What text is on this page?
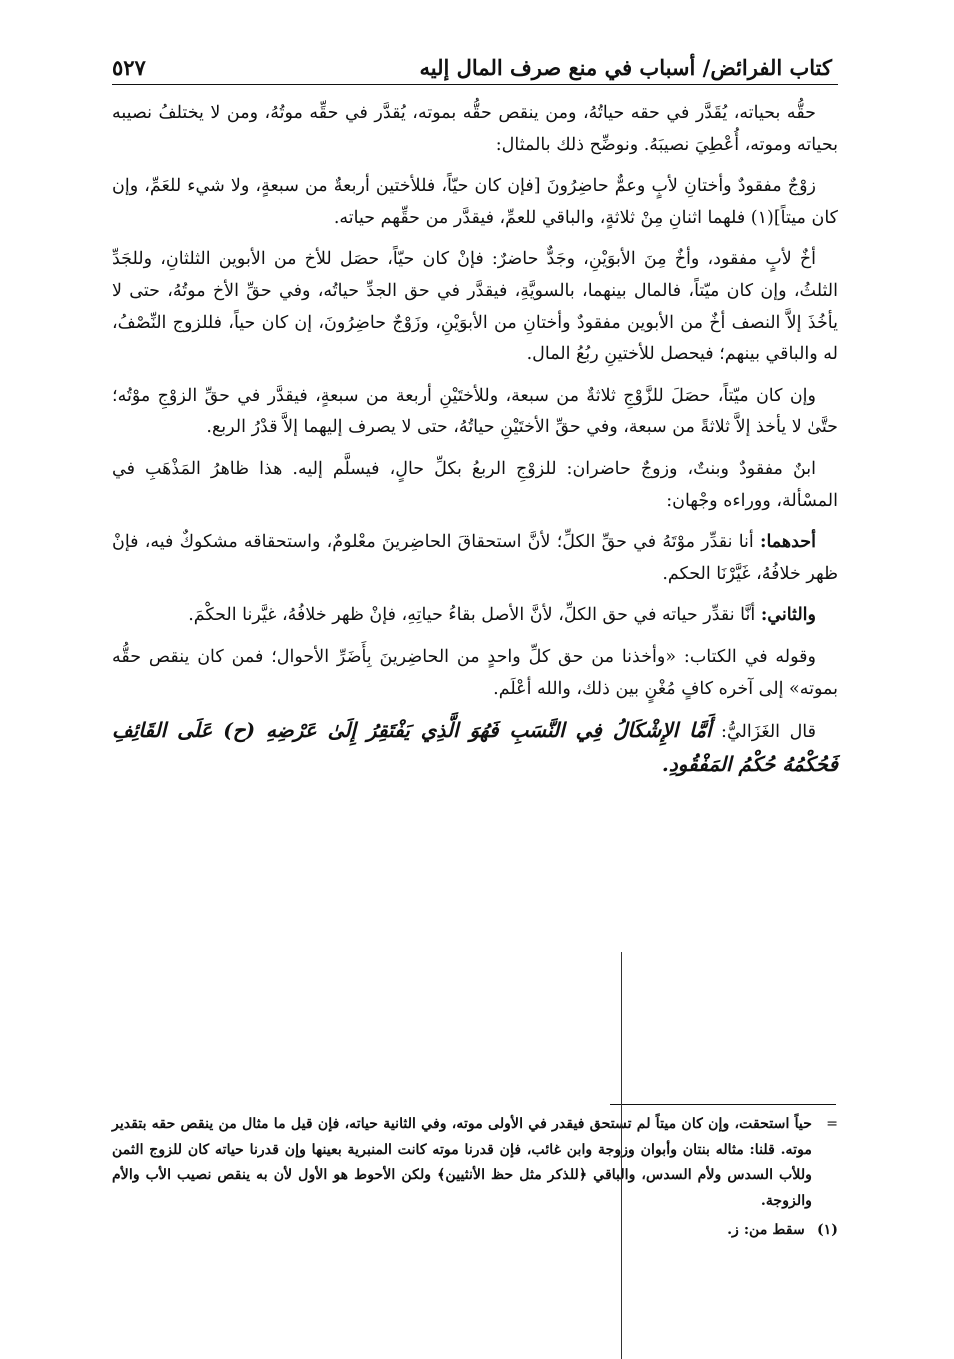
كتاب الفرائض/ أسباب في منع صرف المال إليه
٥٢٧

حقُّه بحياته، يُقَدَّر في حقه حياتُهُ، ومن ينقص حقُّه بموته، يُقدَّر في حقِّه موتُهُ، ومن لا يختلفُ نصيبه بحياته وموته، أُعْطِيَ نصيبَهُ. ونوضِّح ذلك بالمثال:

زوْجٌ مفقودٌ وأختانِ لأبٍ وعمٌّ حاضِرُونَ [فإن كان حيّاً، فللأختين أربعةٌ من سبعةٍ، ولا شيء للعَمِّ، وإن كان ميتاً](١) فلهما اثنانِ مِنْ ثلاثةٍ، والباقي للعمِّ، فيقدَّر من حقِّهم حياته.

أخٌ لأبٍ مفقود، وأخٌ مِنَ الأبوَيْنِ، وجَدٌّ حاضرٌ: فإنْ كان حيّاً، حصَل للأخ من الأبوين الثلثانِ، وللجَدِّ الثلثُ، وإن كان ميّتاً، فالمال بينهما، بالسويَّةِ، فيقدَّر في حق الجدِّ حياتُه، وفي حقِّ الأخ موتُهُ، حتى لا يأخُذَ إلاَّ النصف أخٌ من الأبوين مفقودٌ وأختانِ من الأبوَيْنِ، وزَوْجٌ حاضِرُونَ، إن كان حياً، فللزوج النِّصْفُ، له والباقي بينهم؛ فيحصل للأختينِ ربُعُ المال.

وإن كان ميّتاً، حصَلَ للزَّوْجِ ثلاثةٌ من سبعة، وللأختَيْنِ أربعة من سبعةٍ، فيقدَّر في حقِّ الزوْجِ موْتُه؛ حتَّىٰ لا يأخذ إلاَّ ثلاثةً من سبعة، وفي حقِّ الأختَيْنِ حياتُهُ، حتى لا يصرف إليهما إلاَّ قدْرُ الربع.

ابنٌ مفقودٌ وبنتٌ، وزوجٌ حاضران: للزوْجِ الربعُ بكلِّ حالٍ، فيسلَّم إليه. هذا ظاهرُ المَذْهَبِ في المسْألة، ووراءه وجْهان:

أحدهما: أنا نقدِّر موْتَهُ في حقِّ الكلِّ؛ لأنَّ استحقاقَ الحاضِرينَ معْلومٌ، واستحقاقه مشكوكٌ فيه، فإنْ ظهر خلافُهُ، غَيَّرْنَا الحكم.

والثاني: أنَّا نقدِّر حياته في حق الكلِّ، لأنَّ الأصل بقاءُ حياتِهِ، فإنْ ظهر خلافُهُ، غيَّرنا الحكْمَ.

وقوله في الكتاب: «وأخذنا من حق كلِّ واحدٍ من الحاضِرينَ بِأَضَرِّ الأحوال؛ فمن كان ينقص حقُّه بموته» إلى آخره كافٍ مُغْنٍ بين ذلك، والله أعْلَم.

قال الغَزَاليُّ: أَمَّا الإِشْكَالُ فِي النَّسَبِ فَهُوَ الَّذِي يَفْتَقِرُ إِلَىٰ عَرْضِهِ (ح) عَلَى القَائِفِ فَحُكْمُهُ حُكْمُ المَفْقُودِ.

=
حياً استحقت، وإن كان ميتاً لم تستحق فيقدر في الأولى موته، وفي الثانية حياته، فإن قيل ما مثال من ينقص حقه بتقدير موته. قلنا: مثاله بنتان وأبوان وزوجة وابن غائب، فإن قدرنا موته كانت المنبرية بعينها وإن قدرنا حياته كان للزوج الثمن وللأب السدس ولأم السدس، والباقي ﴿للذكر مثل حظ الأنثيين﴾ ولكن الأحوط هو الأول لأن به ينقص نصيب الأب والأم والزوجة.
(١)
سقط من: ز.
